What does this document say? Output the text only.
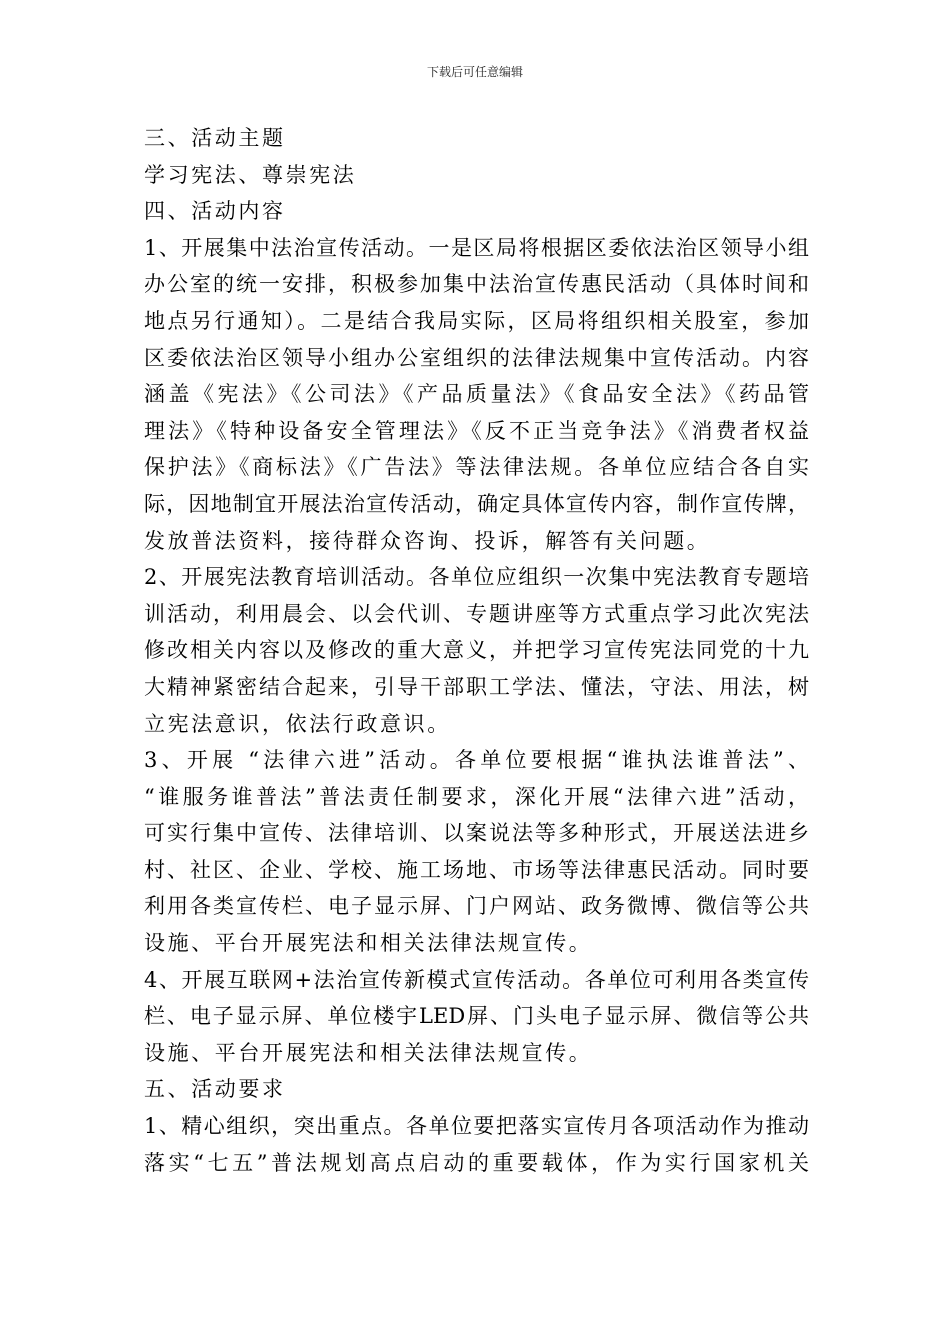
下载后可任意编辑
三、活动主题
学习宪法、尊崇宪法
四、活动内容
1、开展集中法治宣传活动。一是区局将根据区委依法治区领导小组
办公室的统一安排，积极参加集中法治宣传惠民活动（具体时间和
地点另行通知）。二是结合我局实际，区局将组织相关股室，参加
区委依法治区领导小组办公室组织的法律法规集中宣传活动。内容
涵盖《宪法》《公司法》《产品质量法》《食品安全法》《药品管
理法》《特种设备安全管理法》《反不正当竞争法》《消费者权益
保护法》《商标法》《广告法》等法律法规。各单位应结合各自实
际，因地制宜开展法治宣传活动，确定具体宣传内容，制作宣传牌，
发放普法资料，接待群众咨询、投诉，解答有关问题。
2、开展宪法教育培训活动。各单位应组织一次集中宪法教育专题培
训活动，利用晨会、以会代训、专题讲座等方式重点学习此次宪法
修改相关内容以及修改的重大意义，并把学习宣传宪法同党的十九
大精神紧密结合起来，引导干部职工学法、懂法，守法、用法，树
立宪法意识，依法行政意识。
3、开展 “法律六进”活动。各单位要根据“谁执法谁普法”、
“谁服务谁普法”普法责任制要求，深化开展“法律六进”活动，
可实行集中宣传、法律培训、以案说法等多种形式，开展送法进乡
村、社区、企业、学校、施工场地、市场等法律惠民活动。同时要
利用各类宣传栏、电子显示屏、门户网站、政务微博、微信等公共
设施、平台开展宪法和相关法律法规宣传。
4、开展互联网+法治宣传新模式宣传活动。各单位可利用各类宣传
栏、电子显示屏、单位楼宇LED屏、门头电子显示屏、微信等公共
设施、平台开展宪法和相关法律法规宣传。
五、活动要求
1、精心组织，突出重点。各单位要把落实宣传月各项活动作为推动
落实“七五”普法规划高点启动的重要载体，作为实行国家机关
